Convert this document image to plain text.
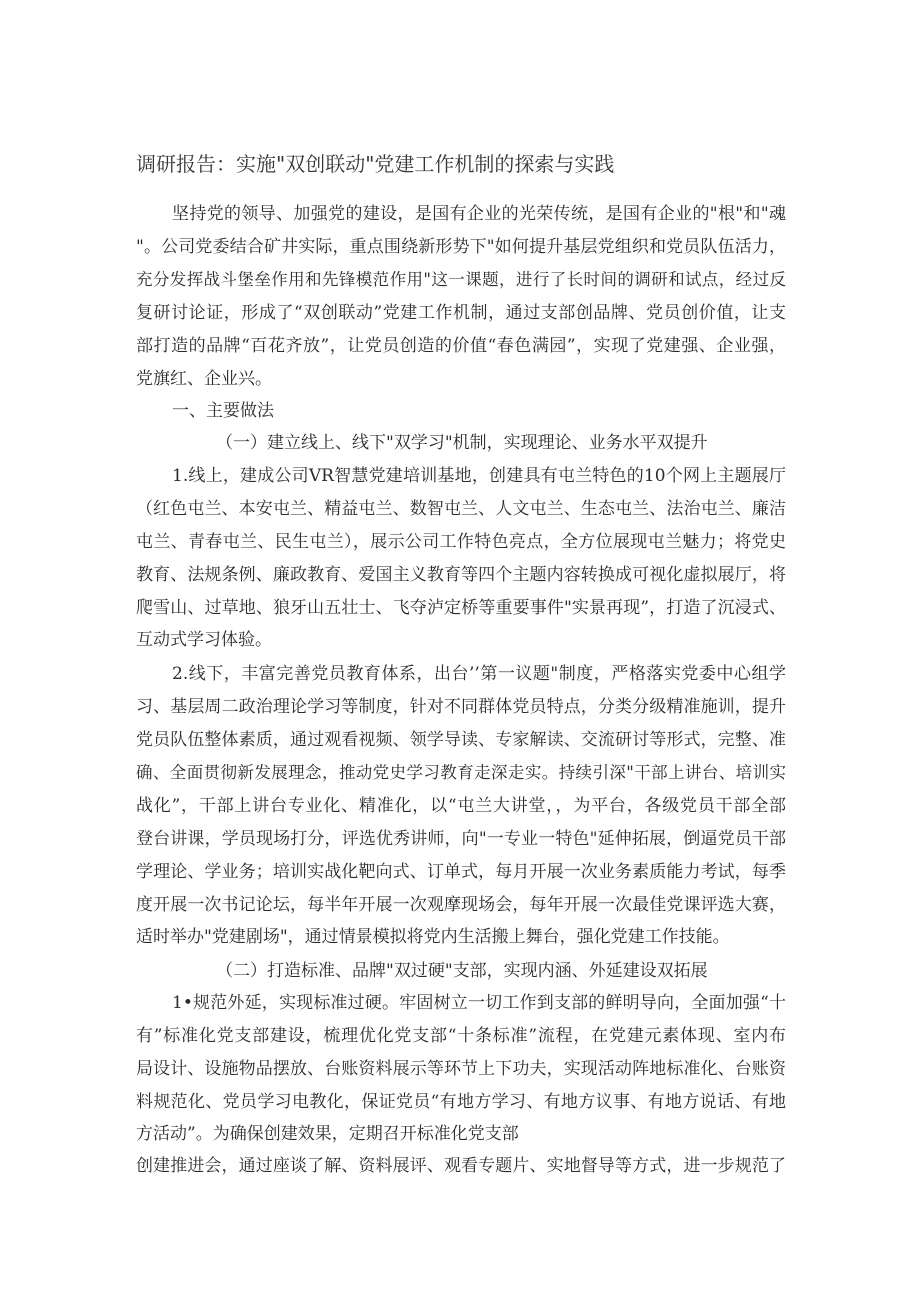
调研报告：实施"双创联动"党建工作机制的探索与实践

坚持党的领导、加强党的建设，是国有企业的光荣传统，是国有企业的"根"和"魂

"。公司党委结合矿井实际，重点围绕新形势下"如何提升基层党组织和党员队伍活力，

充分发挥战斗堡垒作用和先锋模范作用"这一课题，进行了长时间的调研和试点，经过反

复研讨论证，形成了“双创联动”党建工作机制，通过支部创品牌、党员创价值，让支

部打造的品牌“百花齐放”，让党员创造的价值“春色满园”，实现了党建强、企业强，

党旗红、企业兴。

一、主要做法

（一）建立线上、线下"双学习"机制，实现理论、业务水平双提升

1.线上，建成公司VR智慧党建培训基地，创建具有屯兰特色的10个网上主题展厅

（红色屯兰、本安屯兰、精益屯兰、数智屯兰、人文屯兰、生态屯兰、法治屯兰、廉洁

屯兰、青春屯兰、民生屯兰），展示公司工作特色亮点，全方位展现屯兰魅力；将党史

教育、法规条例、廉政教育、爱国主义教育等四个主题内容转换成可视化虚拟展厅，将

爬雪山、过草地、狼牙山五壮士、飞夺泸定桥等重要事件"实景再现”，打造了沉浸式、

互动式学习体验。

2.线下，丰富完善党员教育体系，出台’’第一议题"制度，严格落实党委中心组学

习、基层周二政治理论学习等制度，针对不同群体党员特点，分类分级精准施训，提升

党员队伍整体素质，通过观看视频、领学导读、专家解读、交流研讨等形式，完整、准

确、全面贯彻新发展理念，推动党史学习教育走深走实。持续引深"干部上讲台、培训实

战化”，干部上讲台专业化、精准化，以“屯兰大讲堂，，为平台，各级党员干部全部

登台讲课，学员现场打分，评选优秀讲师，向"一专业一特色"延伸拓展，倒逼党员干部

学理论、学业务；培训实战化靶向式、订单式，每月开展一次业务素质能力考试，每季

度开展一次书记论坛，每半年开展一次观摩现场会，每年开展一次最佳党课评选大赛，

适时举办"党建剧场"，通过情景模拟将党内生活搬上舞台，强化党建工作技能。

（二）打造标准、品牌"双过硬"支部，实现内涵、外延建设双拓展

1•规范外延，实现标准过硬。牢固树立一切工作到支部的鲜明导向，全面加强“十

有”标准化党支部建设，梳理优化党支部“十条标准”流程，在党建元素体现、室内布

局设计、设施物品摆放、台账资料展示等环节上下功夫，实现活动阵地标准化、台账资

料规范化、党员学习电教化，保证党员“有地方学习、有地方议事、有地方说话、有地

方活动”。为确保创建效果，定期召开标准化党支部

创建推进会，通过座谈了解、资料展评、观看专题片、实地督导等方式，进一步规范了
